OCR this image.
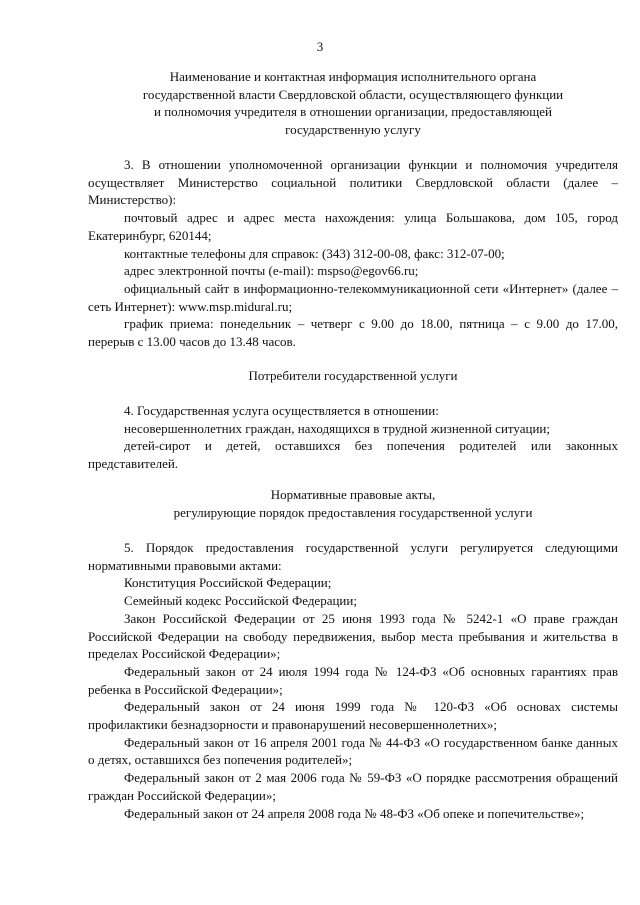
3

Наименование и контактная информация исполнительного органа

государственной власти Свердловской области, осуществляющего функции

и полномочия учредителя в отношении организации, предоставляющей

государственную услугу

3. В отношении уполномоченной организации функции и полномочия учредителя осуществляет Министерство социальной политики Свердловской области (далее – Министерство):

почтовый адрес и адрес места нахождения: улица Большакова, дом 105, город Екатеринбург, 620144;

контактные телефоны для справок: (343) 312-00-08, факс: 312-07-00;

адрес электронной почты (e-mail): mspso@egov66.ru;

официальный сайт в информационно-телекоммуникационной сети «Интернет» (далее – сеть Интернет): www.msp.midural.ru;

график приема: понедельник – четверг с 9.00 до 18.00, пятница – с 9.00 до 17.00, перерыв с 13.00 часов до 13.48 часов.

Потребители государственной услуги

4. Государственная услуга осуществляется в отношении:

несовершеннолетних граждан, находящихся в трудной жизненной ситуации;

детей-сирот и детей, оставшихся без попечения родителей или законных представителей.

Нормативные правовые акты,

регулирующие порядок предоставления государственной услуги

5. Порядок предоставления государственной услуги регулируется следующими нормативными правовыми актами:

Конституция Российской Федерации;

Семейный кодекс Российской Федерации;

Закон Российской Федерации от 25 июня 1993 года № 5242-1 «О праве граждан Российской Федерации на свободу передвижения, выбор места пребывания и жительства в пределах Российской Федерации»;

Федеральный закон от 24 июля 1994 года № 124-ФЗ «Об основных гарантиях прав ребенка в Российской Федерации»;

Федеральный закон от 24 июня 1999 года № 120-ФЗ «Об основах системы профилактики безнадзорности и правонарушений несовершеннолетних»;

Федеральный закон от 16 апреля 2001 года № 44-ФЗ «О государственном банке данных о детях, оставшихся без попечения родителей»;

Федеральный закон от 2 мая 2006 года № 59-ФЗ «О порядке рассмотрения обращений граждан Российской Федерации»;

Федеральный закон от 24 апреля 2008 года № 48-ФЗ «Об опеке и попечительстве»;
